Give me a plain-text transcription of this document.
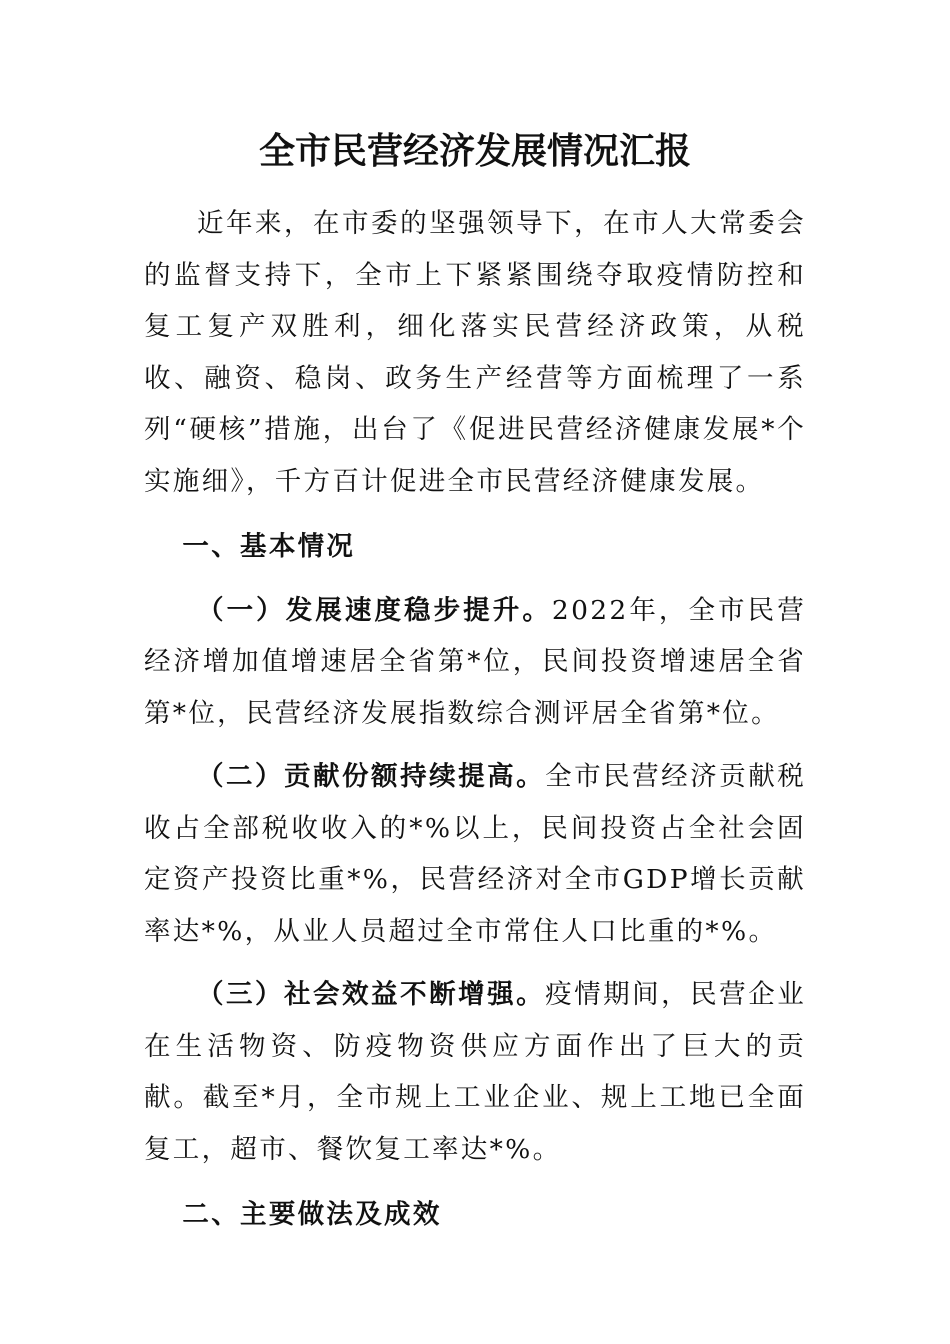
全市民营经济发展情况汇报

近年来，在市委的坚强领导下，在市人大常委会的监督支持下，全市上下紧紧围绕夺取疫情防控和复工复产双胜利，细化落实民营经济政策，从税收、融资、稳岗、政务生产经营等方面梳理了一系列“硬核”措施，出台了《促进民营经济健康发展*个实施细》，千方百计促进全市民营经济健康发展。

一、基本情况

（一）发展速度稳步提升。2022年，全市民营经济增加值增速居全省第*位，民间投资增速居全省第*位，民营经济发展指数综合测评居全省第*位。

（二）贡献份额持续提高。全市民营经济贡献税收占全部税收收入的*%以上，民间投资占全社会固定资产投资比重*%，民营经济对全市GDP增长贡献率达*%，从业人员超过全市常住人口比重的*%。

（三）社会效益不断增强。疫情期间，民营企业在生活物资、防疫物资供应方面作出了巨大的贡献。截至*月，全市规上工业企业、规上工地已全面复工，超市、餐饮复工率达*%。

二、主要做法及成效
